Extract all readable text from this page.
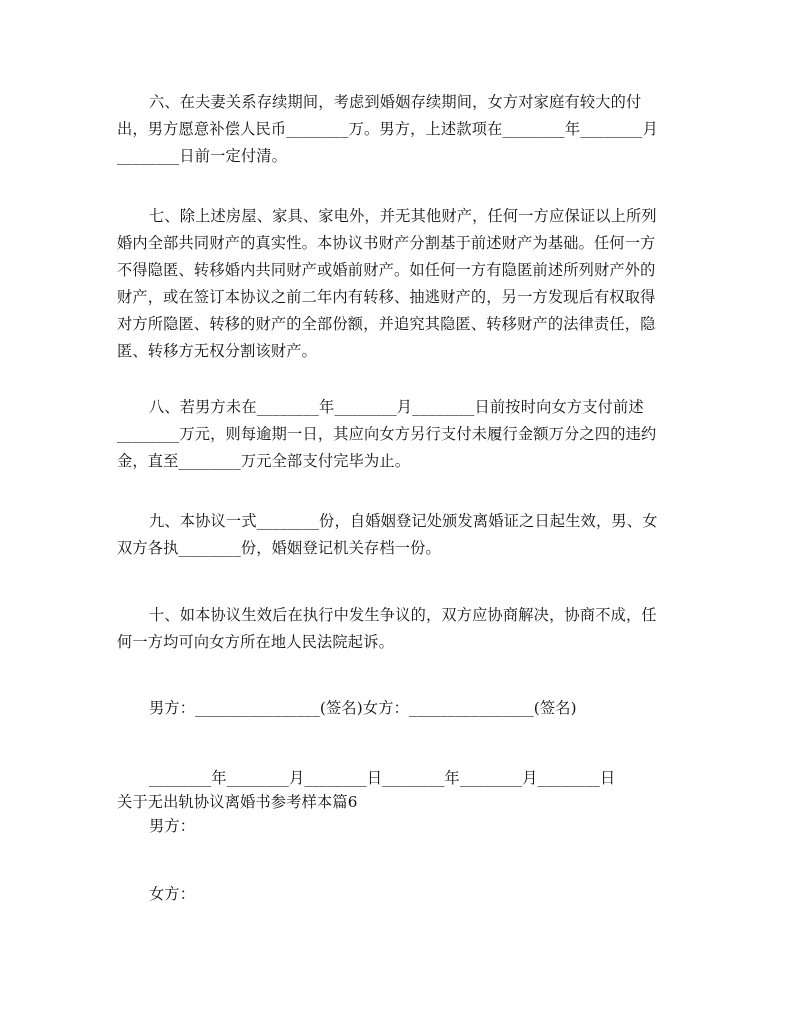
六、在夫妻关系存续期间，考虑到婚姻存续期间，女方对家庭有较大的付
出，男方愿意补偿人民币________万。男方，上述款项在________年________月
________日前一定付清。

七、除上述房屋、家具、家电外，并无其他财产，任何一方应保证以上所列
婚内全部共同财产的真实性。本协议书财产分割基于前述财产为基础。任何一方
不得隐匿、转移婚内共同财产或婚前财产。如任何一方有隐匿前述所列财产外的
财产，或在签订本协议之前二年内有转移、抽逃财产的，另一方发现后有权取得
对方所隐匿、转移的财产的全部份额，并追究其隐匿、转移财产的法律责任，隐
匿、转移方无权分割该财产。

八、若男方未在________年________月________日前按时向女方支付前述
________万元，则每逾期一日，其应向女方另行支付未履行金额万分之四的违约
金，直至________万元全部支付完毕为止。

九、本协议一式________份，自婚姻登记处颁发离婚证之日起生效，男、女
双方各执________份，婚姻登记机关存档一份。

十、如本协议生效后在执行中发生争议的，双方应协商解决，协商不成，任
何一方均可向女方所在地人民法院起诉。

男方：________________(签名)女方：________________(签名)

________年________月________日________年________月________日

关于无出轨协议离婚书参考样本篇6

男方：

女方：
